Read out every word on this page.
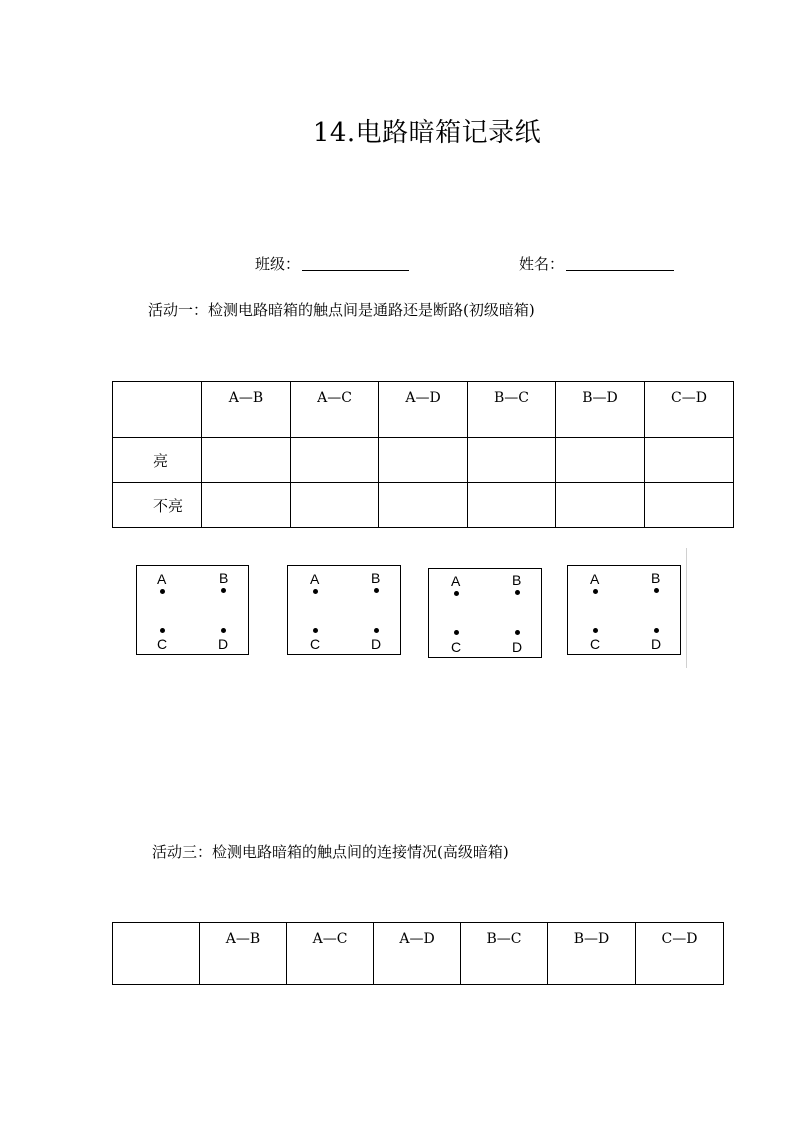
14.电路暗箱记录纸
班级：	姓名：
活动一：检测电路暗箱的触点间是通路还是断路(初级暗箱)
	A—B	A—C	A—D	B—C	B—D	C—D
亮						
不亮						
A	B
C	D
A	B
C	D
A	B
C	D
A	B
C	D
活动三：检测电路暗箱的触点间的连接情况(高级暗箱)
	A—B	A—C	A—D	B—C	B—D	C—D
